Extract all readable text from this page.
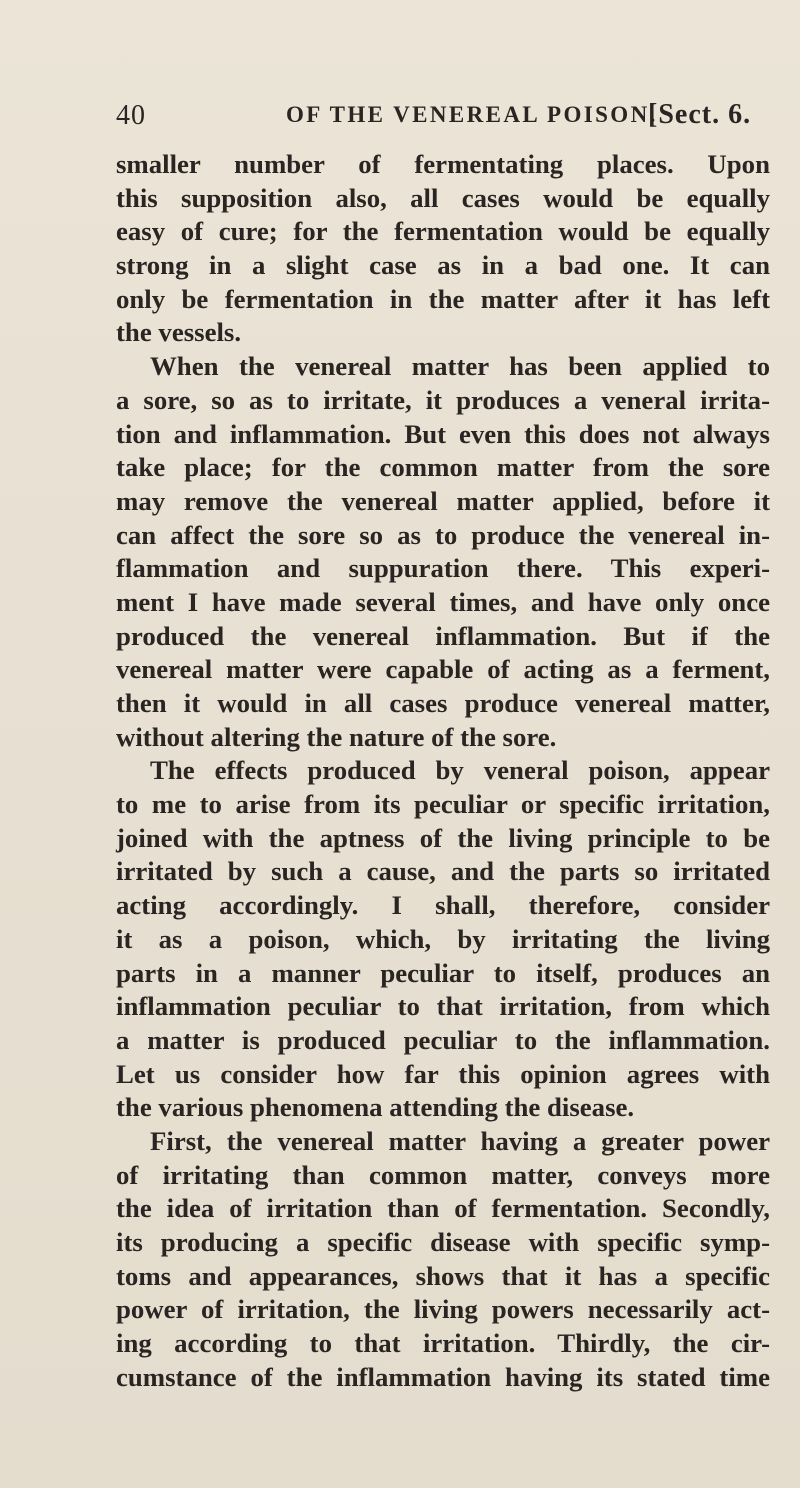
40	OF THE VENEREAL POISON.
[Sect. 6.
smaller number of fermentating places. Upon
this supposition also, all cases would be equally
easy of cure; for the fermentation would be equally
strong in a slight case as in a bad one. It can
only be fermentation in the matter after it has left
the vessels.
When the venereal matter has been applied to
a sore, so as to irritate, it produces a veneral irrita-
tion and inflammation. But even this does not always
take place; for the common matter from the sore
may remove the venereal matter applied, before it
can affect the sore so as to produce the venereal in-
flammation and suppuration there. This experi-
ment I have made several times, and have only once
produced the venereal inflammation. But if the
venereal matter were capable of acting as a ferment,
then it would in all cases produce venereal matter,
without altering the nature of the sore.
The effects produced by veneral poison, appear
to me to arise from its peculiar or specific irritation,
joined with the aptness of the living principle to be
irritated by such a cause, and the parts so irritated
acting accordingly. I shall, therefore, consider
it as a poison, which, by irritating the living
parts in a manner peculiar to itself, produces an
inflammation peculiar to that irritation, from which
a matter is produced peculiar to the inflammation.
Let us consider how far this opinion agrees with
the various phenomena attending the disease.
First, the venereal matter having a greater power
of irritating than common matter, conveys more
the idea of irritation than of fermentation. Secondly,
its producing a specific disease with specific symp-
toms and appearances, shows that it has a specific
power of irritation, the living powers necessarily act-
ing according to that irritation. Thirdly, the cir-
cumstance of the inflammation having its stated time
